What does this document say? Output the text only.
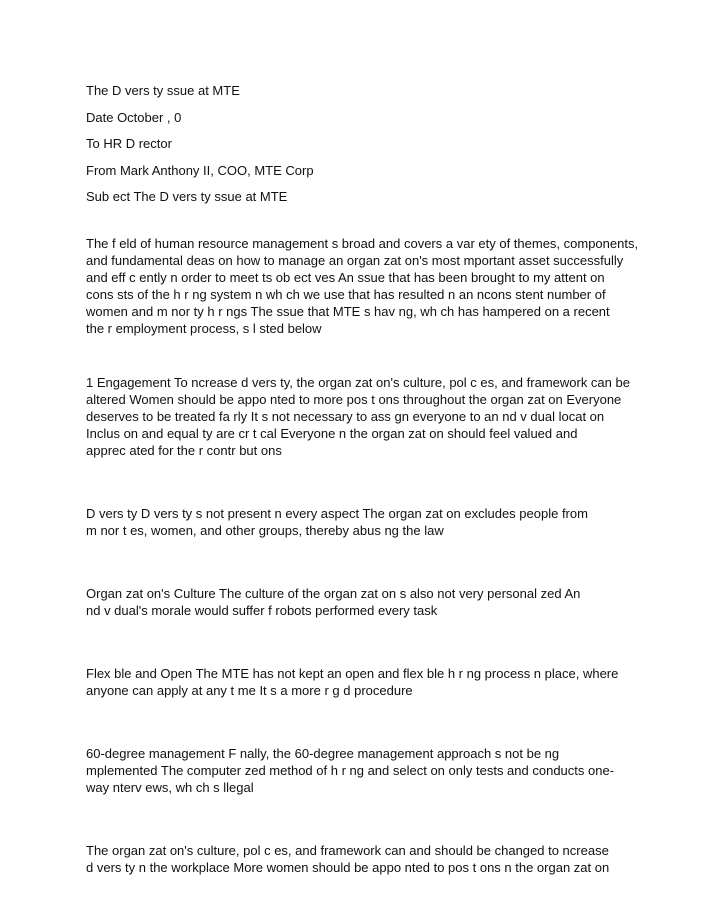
The D vers ty ssue at MTE

Date October , 0

To HR D rector

From Mark Anthony II, COO, MTE Corp

Sub ect The D vers ty ssue at MTE

The f eld of human resource management s broad and covers a var ety of themes, components,
and fundamental deas on how to manage an organ zat on's most mportant asset successfully
and eff c ently n order to meet ts ob ect ves An ssue that has been brought to my attent on
cons sts of the h r ng system n wh ch we use that has resulted n an ncons stent number of
women and m nor ty h r ngs The ssue that MTE s hav ng, wh ch has hampered on a recent
the r employment process, s l sted below

1 Engagement To ncrease d vers ty, the organ zat on's culture, pol c es, and framework can be
altered Women should be appo nted to more pos t ons throughout the organ zat on Everyone
deserves to be treated fa rly It s not necessary to ass gn everyone to an nd v dual locat on
Inclus on and equal ty are cr t cal Everyone n the organ zat on should feel valued and
apprec ated for the r contr but ons

D vers ty D vers ty s not present n every aspect The organ zat on excludes people from
m nor t es, women, and other groups, thereby abus ng the law

Organ zat on's Culture The culture of the organ zat on s also not very personal zed An
nd v dual's morale would suffer f robots performed every task

Flex ble and Open The MTE has not kept an open and flex ble h r ng process n place, where
anyone can apply at any t me It s a more r g d procedure

60-degree management F nally, the 60-degree management approach s not be ng
mplemented The computer zed method of h r ng and select on only tests and conducts one-
way nterv ews, wh ch s llegal

The organ zat on's culture, pol c es, and framework can and should be changed to ncrease
d vers ty n the workplace More women should be appo nted to pos t ons n the organ zat on
